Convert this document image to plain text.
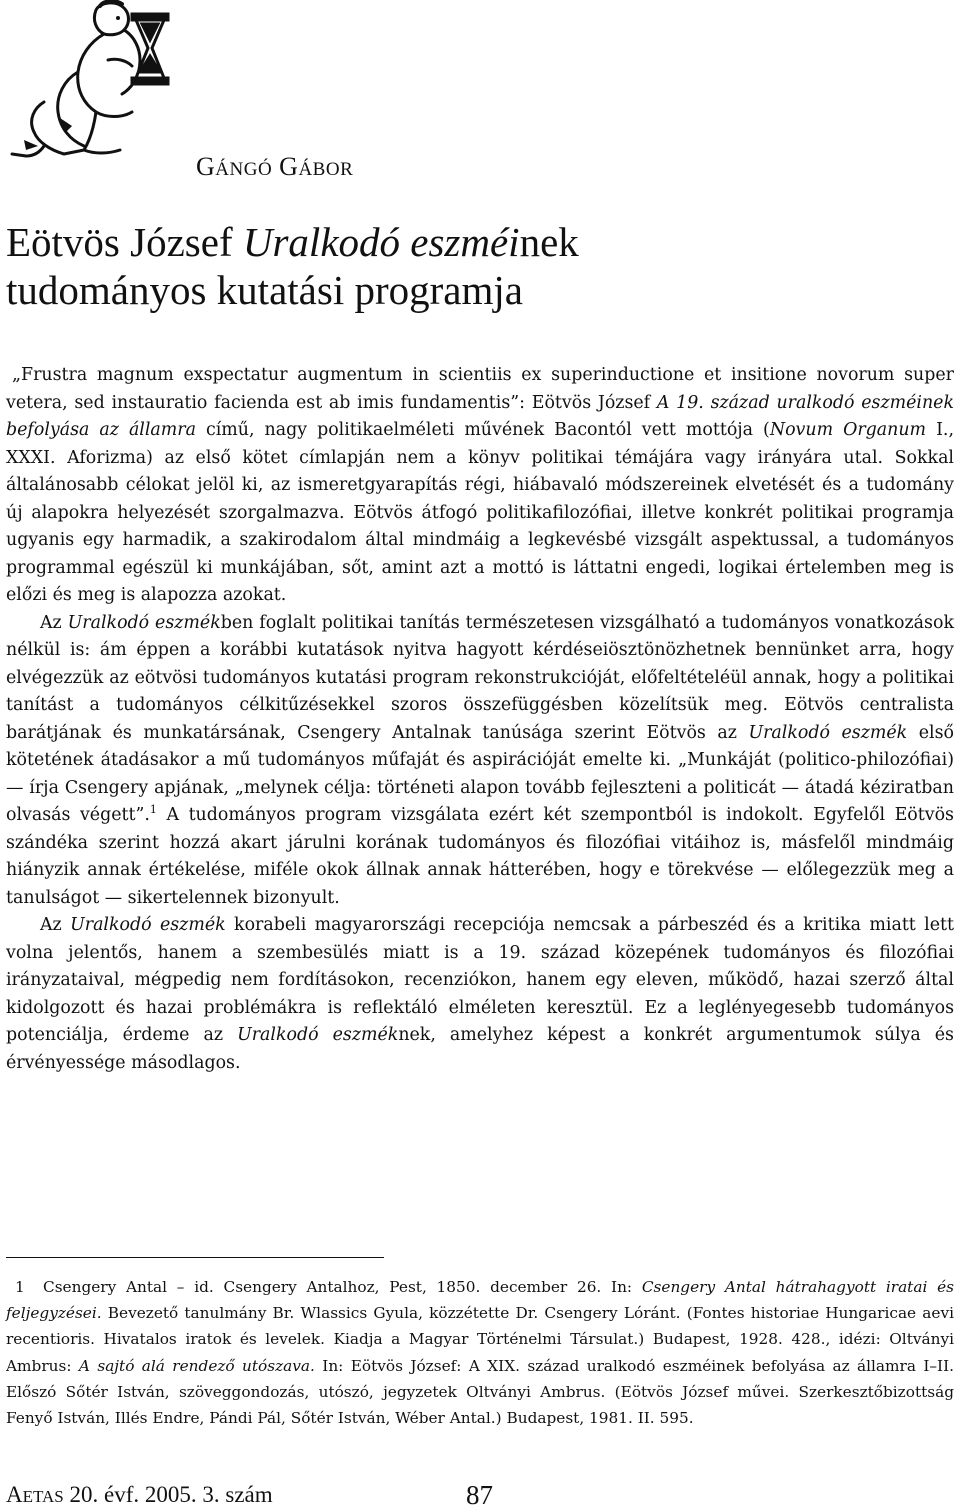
GÁNGÓ GÁBOR
Eötvös József Uralkodó eszméinek
tudományos kutatási programja

„Frustra magnum exspectatur augmentum in scientiis ex superinductione et insitione novorum super vetera, sed instauratio facienda est ab imis fundamentis”: Eötvös József A 19. század uralkodó eszméinek befolyása az államra című, nagy politikaelméleti művének Bacontól vett mottója (Novum Organum I., XXXI. Aforizma) az első kötet címlapján nem a könyv politikai témájára vagy irányára utal. Sokkal általánosabb célokat jelöl ki, az ismeretgyarapítás régi, hiábavaló módszereinek elvetését és a tudomány új alapokra helyezését szorgalmazva. Eötvös átfogó politikafilozófiai, illetve konkrét politikai programja ugyanis egy harmadik, a szakirodalom által mindmáig a legkevésbé vizsgált aspektussal, a tudományos programmal egészül ki munkájában, sőt, amint azt a mottó is láttatni engedi, logikai értelemben meg is előzi és meg is alapozza azokat.

Az Uralkodó eszmékben foglalt politikai tanítás természetesen vizsgálható a tudományos vonatkozások nélkül is: ám éppen a korábbi kutatások nyitva hagyott kérdéseiösztönözhetnek bennünket arra, hogy elvégezzük az eötvösi tudományos kutatási program rekonstrukcióját, előfeltételéül annak, hogy a politikai tanítást a tudományos célkitűzésekkel szoros összefüggésben közelítsük meg. Eötvös centralista barátjának és munkatársának, Csengery Antalnak tanúsága szerint Eötvös az Uralkodó eszmék első kötetének átadásakor a mű tudományos műfaját és aspirációját emelte ki. „Munkáját (politico-philozófiai) — írja Csengery apjának, „melynek célja: történeti alapon tovább fejleszteni a politicát — átadá kéziratban olvasás végett”.$^1$ A tudományos program vizsgálata ezért két szempontból is indokolt. Egyfelől Eötvös szándéka szerint hozzá akart járulni korának tudományos és filozófiai vitáihoz is, másfelől mindmáig hiányzik annak értékelése, miféle okok állnak annak hátterében, hogy e törekvése — előlegezzük meg a tanulságot — sikertelennek bizonyult.

Az Uralkodó eszmék korabeli magyarországi recepciója nemcsak a párbeszéd és a kritika miatt lett volna jelentős, hanem a szembesülés miatt is a 19. század közepének tudományos és filozófiai irányzataival, mégpedig nem fordításokon, recenziókon, hanem egy eleven, működő, hazai szerző által kidolgozott és hazai problémákra is reflektáló elméleten keresztül. Ez a leglényegesebb tudományos potenciálja, érdeme az Uralkodó eszméknek, amelyhez képest a konkrét argumentumok súlya és érvényessége másodlagos.

1 Csengery Antal – id. Csengery Antalhoz, Pest, 1850. december 26. In: Csengery Antal hátrahagyott iratai és feljegyzései. Bevezető tanulmány Br. Wlassics Gyula, közzétette Dr. Csengery Lóránt. (Fontes historiae Hungaricae aevi recentioris. Hivatalos iratok és levelek. Kiadja a Magyar Történelmi Társulat.) Budapest, 1928. 428., idézi: Oltványi Ambrus: A sajtó alá rendező utószava. In: Eötvös József: A XIX. század uralkodó eszméinek befolyása az államra I–II. Előszó Sőtér István, szöveggondozás, utószó, jegyzetek Oltványi Ambrus. (Eötvös József művei. Szerkesztőbizottság Fenyő István, Illés Endre, Pándi Pál, Sőtér István, Wéber Antal.) Budapest, 1981. II. 595.

AETAS 20. évf. 2005. 3. szám	87
